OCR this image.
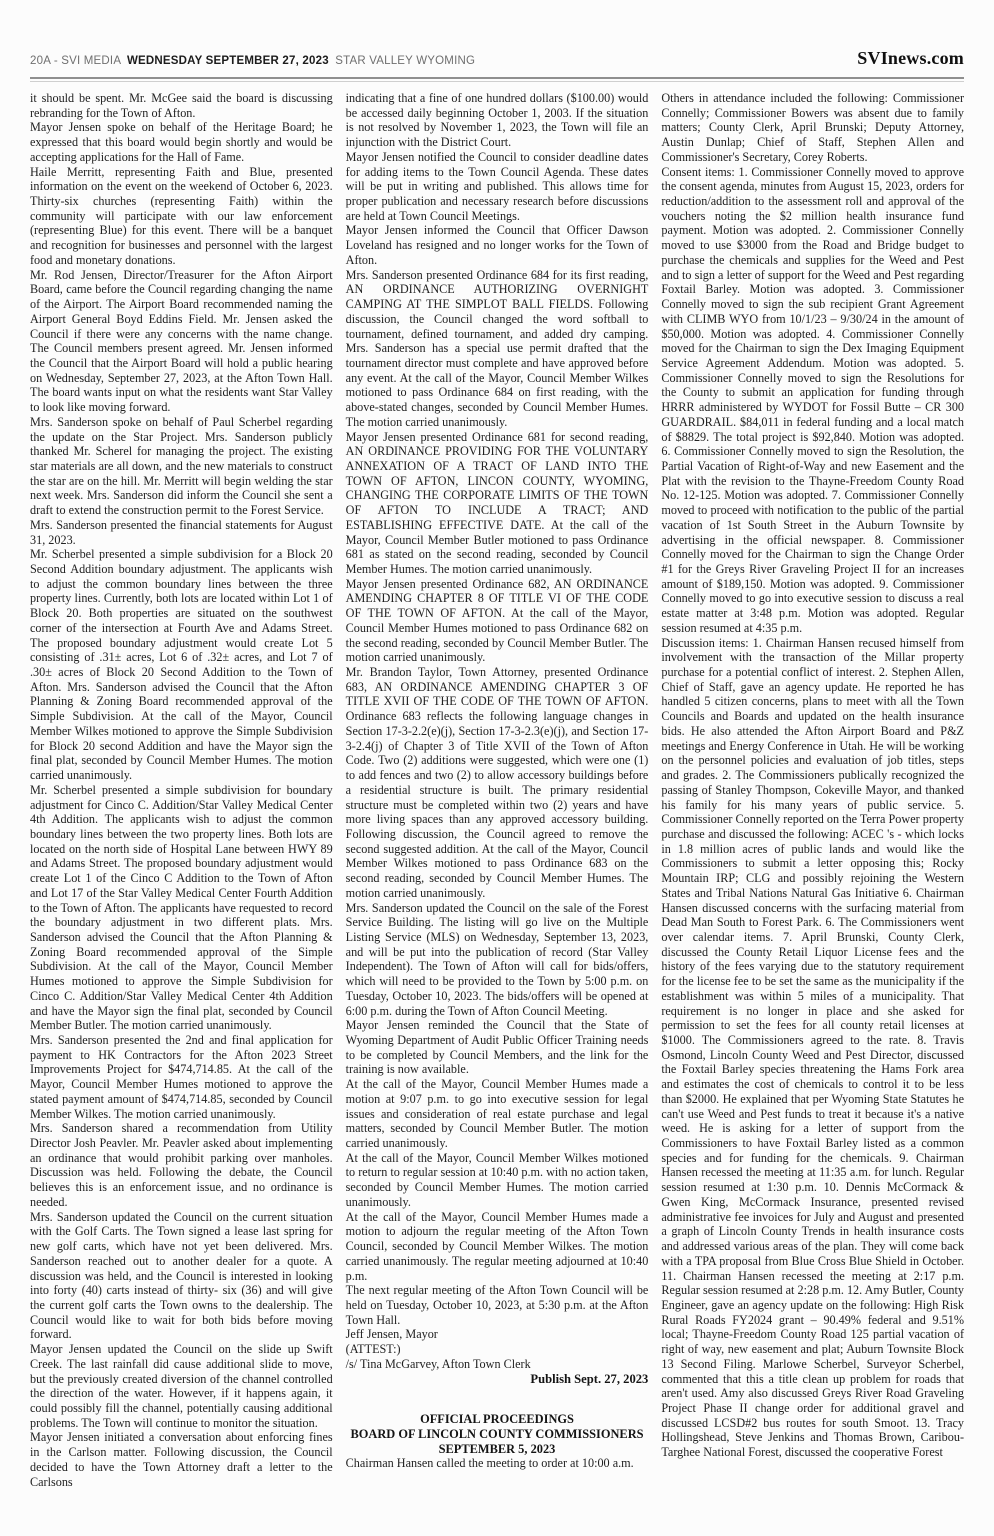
20A - SVI MEDIA WEDNESDAY SEPTEMBER 27, 2023 STAR VALLEY WYOMING	SVInews.com

it should be spent. Mr. McGee said the board is discussing rebranding for the Town of Afton.

Mayor Jensen spoke on behalf of the Heritage Board; he expressed that this board would begin shortly and would be accepting applications for the Hall of Fame.

Haile Merritt, representing Faith and Blue, presented information on the event on the weekend of October 6, 2023. Thirty-six churches (representing Faith) within the community will participate with our law enforcement (representing Blue) for this event. There will be a banquet and recognition for businesses and personnel with the largest food and monetary donations.

Mr. Rod Jensen, Director/Treasurer for the Afton Airport Board, came before the Council regarding changing the name of the Airport. The Airport Board recommended naming the Airport General Boyd Eddins Field. Mr. Jensen asked the Council if there were any concerns with the name change. The Council members present agreed. Mr. Jensen informed the Council that the Airport Board will hold a public hearing on Wednesday, September 27, 2023, at the Afton Town Hall. The board wants input on what the residents want Star Valley to look like moving forward.

Mrs. Sanderson spoke on behalf of Paul Scherbel regarding the update on the Star Project. Mrs. Sanderson publicly thanked Mr. Scherel for managing the project. The existing star materials are all down, and the new materials to construct the star are on the hill. Mr. Merritt will begin welding the star next week. Mrs. Sanderson did inform the Council she sent a draft to extend the construction permit to the Forest Service.

Mrs. Sanderson presented the financial statements for August 31, 2023.

Mr. Scherbel presented a simple subdivision for a Block 20 Second Addition boundary adjustment. The applicants wish to adjust the common boundary lines between the three property lines. Currently, both lots are located within Lot 1 of Block 20. Both properties are situated on the southwest corner of the intersection at Fourth Ave and Adams Street. The proposed boundary adjustment would create Lot 5 consisting of .31± acres, Lot 6 of .32± acres, and Lot 7 of .30± acres of Block 20 Second Addition to the Town of Afton. Mrs. Sanderson advised the Council that the Afton Planning & Zoning Board recommended approval of the Simple Subdivision. At the call of the Mayor, Council Member Wilkes motioned to approve the Simple Subdivision for Block 20 second Addition and have the Mayor sign the final plat, seconded by Council Member Humes. The motion carried unanimously.

Mr. Scherbel presented a simple subdivision for boundary adjustment for Cinco C. Addition/Star Valley Medical Center 4th Addition. The applicants wish to adjust the common boundary lines between the two property lines. Both lots are located on the north side of Hospital Lane between HWY 89 and Adams Street. The proposed boundary adjustment would create Lot 1 of the Cinco C Addition to the Town of Afton and Lot 17 of the Star Valley Medical Center Fourth Addition to the Town of Afton. The applicants have requested to record the boundary adjustment in two different plats. Mrs. Sanderson advised the Council that the Afton Planning & Zoning Board recommended approval of the Simple Subdivision. At the call of the Mayor, Council Member Humes motioned to approve the Simple Subdivision for Cinco C. Addition/Star Valley Medical Center 4th Addition and have the Mayor sign the final plat, seconded by Council Member Butler. The motion carried unanimously.

Mrs. Sanderson presented the 2nd and final application for payment to HK Contractors for the Afton 2023 Street Improvements Project for $474,714.85. At the call of the Mayor, Council Member Humes motioned to approve the stated payment amount of $474,714.85, seconded by Council Member Wilkes. The motion carried unanimously.

Mrs. Sanderson shared a recommendation from Utility Director Josh Peavler. Mr. Peavler asked about implementing an ordinance that would prohibit parking over manholes. Discussion was held. Following the debate, the Council believes this is an enforcement issue, and no ordinance is needed.

Mrs. Sanderson updated the Council on the current situation with the Golf Carts. The Town signed a lease last spring for new golf carts, which have not yet been delivered. Mrs. Sanderson reached out to another dealer for a quote. A discussion was held, and the Council is interested in looking into forty (40) carts instead of thirty- six (36) and will give the current golf carts the Town owns to the dealership. The Council would like to wait for both bids before moving forward.

Mayor Jensen updated the Council on the slide up Swift Creek. The last rainfall did cause additional slide to move, but the previously created diversion of the channel controlled the direction of the water. However, if it happens again, it could possibly fill the channel, potentially causing additional problems. The Town will continue to monitor the situation.

Mayor Jensen initiated a conversation about enforcing fines in the Carlson matter. Following discussion, the Council decided to have the Town Attorney draft a letter to the Carlsons

indicating that a fine of one hundred dollars ($100.00) would be accessed daily beginning October 1, 2003. If the situation is not resolved by November 1, 2023, the Town will file an injunction with the District Court.

Mayor Jensen notified the Council to consider deadline dates for adding items to the Town Council Agenda. These dates will be put in writing and published. This allows time for proper publication and necessary research before discussions are held at Town Council Meetings.

Mayor Jensen informed the Council that Officer Dawson Loveland has resigned and no longer works for the Town of Afton.

Mrs. Sanderson presented Ordinance 684 for its first reading, AN ORDINANCE AUTHORIZING OVERNIGHT CAMPING AT THE SIMPLOT BALL FIELDS. Following discussion, the Council changed the word softball to tournament, defined tournament, and added dry camping. Mrs. Sanderson has a special use permit drafted that the tournament director must complete and have approved before any event. At the call of the Mayor, Council Member Wilkes motioned to pass Ordinance 684 on first reading, with the above-stated changes, seconded by Council Member Humes. The motion carried unanimously.

Mayor Jensen presented Ordinance 681 for second reading, AN ORDINANCE PROVIDING FOR THE VOLUNTARY ANNEXATION OF A TRACT OF LAND INTO THE TOWN OF AFTON, LINCON COUNTY, WYOMING, CHANGING THE CORPORATE LIMITS OF THE TOWN OF AFTON TO INCLUDE A TRACT; AND ESTABLISHING EFFECTIVE DATE. At the call of the Mayor, Council Member Butler motioned to pass Ordinance 681 as stated on the second reading, seconded by Council Member Humes. The motion carried unanimously.

Mayor Jensen presented Ordinance 682, AN ORDINANCE AMENDING CHAPTER 8 OF TITLE VI OF THE CODE OF THE TOWN OF AFTON. At the call of the Mayor, Council Member Humes motioned to pass Ordinance 682 on the second reading, seconded by Council Member Butler. The motion carried unanimously.

Mr. Brandon Taylor, Town Attorney, presented Ordinance 683, AN ORDINANCE AMENDING CHAPTER 3 OF TITLE XVII OF THE CODE OF THE TOWN OF AFTON. Ordinance 683 reflects the following language changes in Section 17-3-2.2(e)(j), Section 17-3-2.3(e)(j), and Section 17-3-2.4(j) of Chapter 3 of Title XVII of the Town of Afton Code. Two (2) additions were suggested, which were one (1) to add fences and two (2) to allow accessory buildings before a residential structure is built. The primary residential structure must be completed within two (2) years and have more living spaces than any approved accessory building. Following discussion, the Council agreed to remove the second suggested addition. At the call of the Mayor, Council Member Wilkes motioned to pass Ordinance 683 on the second reading, seconded by Council Member Humes. The motion carried unanimously.

Mrs. Sanderson updated the Council on the sale of the Forest Service Building. The listing will go live on the Multiple Listing Service (MLS) on Wednesday, September 13, 2023, and will be put into the publication of record (Star Valley Independent). The Town of Afton will call for bids/offers, which will need to be provided to the Town by 5:00 p.m. on Tuesday, October 10, 2023. The bids/offers will be opened at 6:00 p.m. during the Town of Afton Council Meeting.

Mayor Jensen reminded the Council that the State of Wyoming Department of Audit Public Officer Training needs to be completed by Council Members, and the link for the training is now available.

At the call of the Mayor, Council Member Humes made a motion at 9:07 p.m. to go into executive session for legal issues and consideration of real estate purchase and legal matters, seconded by Council Member Butler. The motion carried unanimously.

At the call of the Mayor, Council Member Wilkes motioned to return to regular session at 10:40 p.m. with no action taken, seconded by Council Member Humes. The motion carried unanimously.

At the call of the Mayor, Council Member Humes made a motion to adjourn the regular meeting of the Afton Town Council, seconded by Council Member Wilkes. The motion carried unanimously. The regular meeting adjourned at 10:40 p.m.

The next regular meeting of the Afton Town Council will be held on Tuesday, October 10, 2023, at 5:30 p.m. at the Afton Town Hall.

Jeff Jensen, Mayor

(ATTEST:)

/s/ Tina McGarvey, Afton Town Clerk

Publish Sept. 27, 2023

OFFICIAL PROCEEDINGS

BOARD OF LINCOLN COUNTY COMMISSIONERS

SEPTEMBER 5, 2023

Chairman Hansen called the meeting to order at 10:00 a.m.

Others in attendance included the following: Commissioner Connelly; Commissioner Bowers was absent due to family matters; County Clerk, April Brunski; Deputy Attorney, Austin Dunlap; Chief of Staff, Stephen Allen and Commissioner's Secretary, Corey Roberts.

Consent items: 1. Commissioner Connelly moved to approve the consent agenda, minutes from August 15, 2023, orders for reduction/addition to the assessment roll and approval of the vouchers noting the $2 million health insurance fund payment. Motion was adopted. 2. Commissioner Connelly moved to use $3000 from the Road and Bridge budget to purchase the chemicals and supplies for the Weed and Pest and to sign a letter of support for the Weed and Pest regarding Foxtail Barley. Motion was adopted. 3. Commissioner Connelly moved to sign the sub recipient Grant Agreement with CLIMB WYO from 10/1/23 – 9/30/24 in the amount of $50,000. Motion was adopted. 4. Commissioner Connelly moved for the Chairman to sign the Dex Imaging Equipment Service Agreement Addendum. Motion was adopted. 5. Commissioner Connelly moved to sign the Resolutions for the County to submit an application for funding through HRRR administered by WYDOT for Fossil Butte – CR 300 GUARDRAIL. $84,011 in federal funding and a local match of $8829. The total project is $92,840. Motion was adopted. 6. Commissioner Connelly moved to sign the Resolution, the Partial Vacation of Right-of-Way and new Easement and the Plat with the revision to the Thayne-Freedom County Road No. 12-125. Motion was adopted. 7. Commissioner Connelly moved to proceed with notification to the public of the partial vacation of 1st South Street in the Auburn Townsite by advertising in the official newspaper. 8. Commissioner Connelly moved for the Chairman to sign the Change Order #1 for the Greys River Graveling Project II for an increases amount of $189,150. Motion was adopted. 9. Commissioner Connelly moved to go into executive session to discuss a real estate matter at 3:48 p.m. Motion was adopted. Regular session resumed at 4:35 p.m.

Discussion items: 1. Chairman Hansen recused himself from involvement with the transaction of the Millar property purchase for a potential conflict of interest. 2. Stephen Allen, Chief of Staff, gave an agency update. He reported he has handled 5 citizen concerns, plans to meet with all the Town Councils and Boards and updated on the health insurance bids. He also attended the Afton Airport Board and P&Z meetings and Energy Conference in Utah. He will be working on the personnel policies and evaluation of job titles, steps and grades. 2. The Commissioners publically recognized the passing of Stanley Thompson, Cokeville Mayor, and thanked his family for his many years of public service. 5. Commissioner Connelly reported on the Terra Power property purchase and discussed the following: ACEC 's - which locks in 1.8 million acres of public lands and would like the Commissioners to submit a letter opposing this; Rocky Mountain IRP; CLG and possibly rejoining the Western States and Tribal Nations Natural Gas Initiative 6. Chairman Hansen discussed concerns with the surfacing material from Dead Man South to Forest Park. 6. The Commissioners went over calendar items. 7. April Brunski, County Clerk, discussed the County Retail Liquor License fees and the history of the fees varying due to the statutory requirement for the license fee to be set the same as the municipality if the establishment was within 5 miles of a municipality. That requirement is no longer in place and she asked for permission to set the fees for all county retail licenses at $1000. The Commissioners agreed to the rate. 8. Travis Osmond, Lincoln County Weed and Pest Director, discussed the Foxtail Barley species threatening the Hams Fork area and estimates the cost of chemicals to control it to be less than $2000. He explained that per Wyoming State Statutes he can't use Weed and Pest funds to treat it because it's a native weed. He is asking for a letter of support from the Commissioners to have Foxtail Barley listed as a common species and for funding for the chemicals. 9. Chairman Hansen recessed the meeting at 11:35 a.m. for lunch. Regular session resumed at 1:30 p.m. 10. Dennis McCormack & Gwen King, McCormack Insurance, presented revised administrative fee invoices for July and August and presented a graph of Lincoln County Trends in health insurance costs and addressed various areas of the plan. They will come back with a TPA proposal from Blue Cross Blue Shield in October. 11. Chairman Hansen recessed the meeting at 2:17 p.m. Regular session resumed at 2:28 p.m. 12. Amy Butler, County Engineer, gave an agency update on the following: High Risk Rural Roads FY2024 grant – 90.49% federal and 9.51% local; Thayne-Freedom County Road 125 partial vacation of right of way, new easement and plat; Auburn Townsite Block 13 Second Filing. Marlowe Scherbel, Surveyor Scherbel, commented that this a title clean up problem for roads that aren't used. Amy also discussed Greys River Road Graveling Project Phase II change order for additional gravel and discussed LCSD#2 bus routes for south Smoot. 13. Tracy Hollingshead, Steve Jenkins and Thomas Brown, Caribou-Targhee National Forest, discussed the cooperative Forest
